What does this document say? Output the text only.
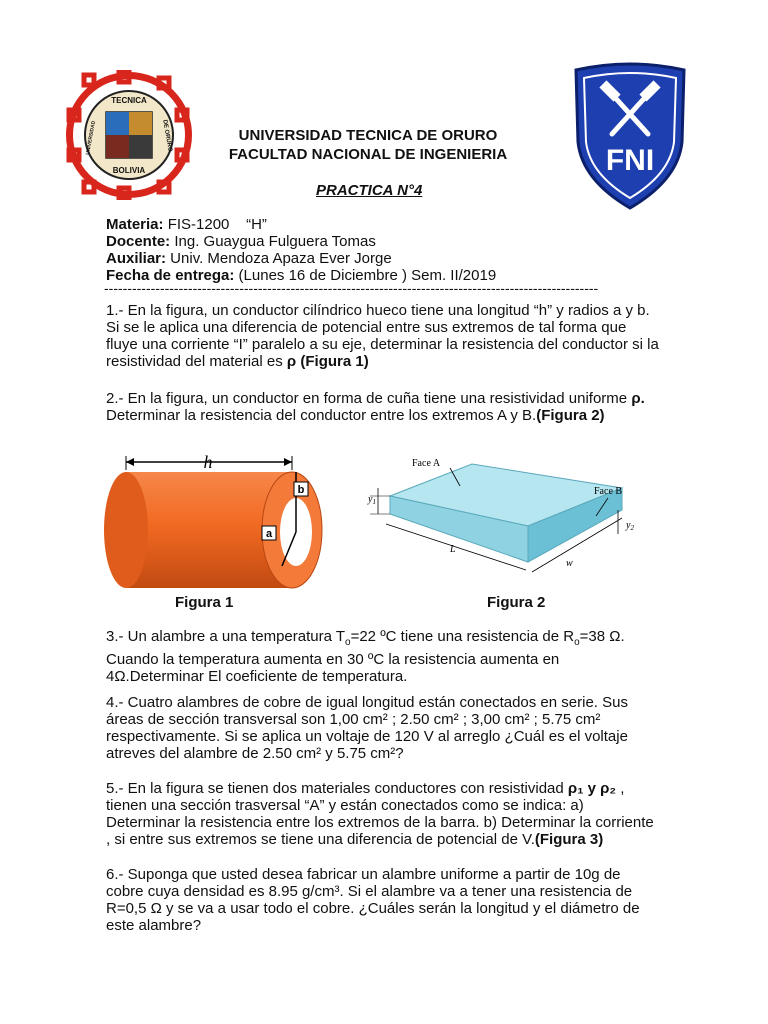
TECNICA
BOLIVIA
UNIVERSIDAD	DE ORURO
FNI
UNIVERSIDAD TECNICA DE ORURO
FACULTAD NACIONAL DE INGENIERIA
PRACTICA N°4
Materia: FIS-1200    “H”
Docente: Ing. Guaygua Fulguera Tomas
Auxiliar: Univ. Mendoza Apaza Ever Jorge
Fecha de entrega: (Lunes 16 de Diciembre ) Sem. II/2019
----------------------------------------------------------------------------------------------------------
1.- En la figura, un conductor cilíndrico hueco tiene una longitud “h” y radios a y b. Si se le aplica una diferencia de potencial entre sus extremos de tal forma que fluye una corriente “I” paralelo a su eje, determinar la resistencia del conductor si la resistividad del material es ρ (Figura 1)
2.- En la figura, un conductor en forma de cuña tiene una resistividad uniforme ρ. Determinar la resistencia del conductor entre los extremos A y B.(Figura 2)
h
b
a
Face A
Face B
$y_1$
$y_2$
L
w
Figura 1	Figura 2
3.- Un alambre a una temperatura $T_o=22$ ºC tiene una resistencia de $R_o=38$ Ω. Cuando la temperatura aumenta en 30 ºC la resistencia aumenta en 4Ω.Determinar El coeficiente de temperatura.
4.- Cuatro alambres de cobre de igual longitud están conectados en serie. Sus áreas de sección transversal son 1,00 cm² ; 2.50 cm² ; 3,00 cm² ; 5.75 cm² respectivamente. Si se aplica un voltaje de 120 V al arreglo ¿Cuál es el voltaje atreves del alambre de 2.50 cm² y 5.75 cm²?
5.- En la figura se tienen dos materiales conductores con resistividad ρ₁ y ρ₂ , tienen una sección trasversal “A” y están conectados como se indica: a) Determinar la resistencia entre los extremos de la barra. b) Determinar la corriente , si entre sus extremos se tiene una diferencia de potencial de V.(Figura 3)
6.- Suponga que usted desea fabricar un alambre uniforme a partir de 10g de cobre cuya densidad es 8.95 g/cm³. Si el alambre va a tener una resistencia de R=0,5 Ω y se va a usar todo el cobre. ¿Cuáles serán la longitud y el diámetro de este alambre?
